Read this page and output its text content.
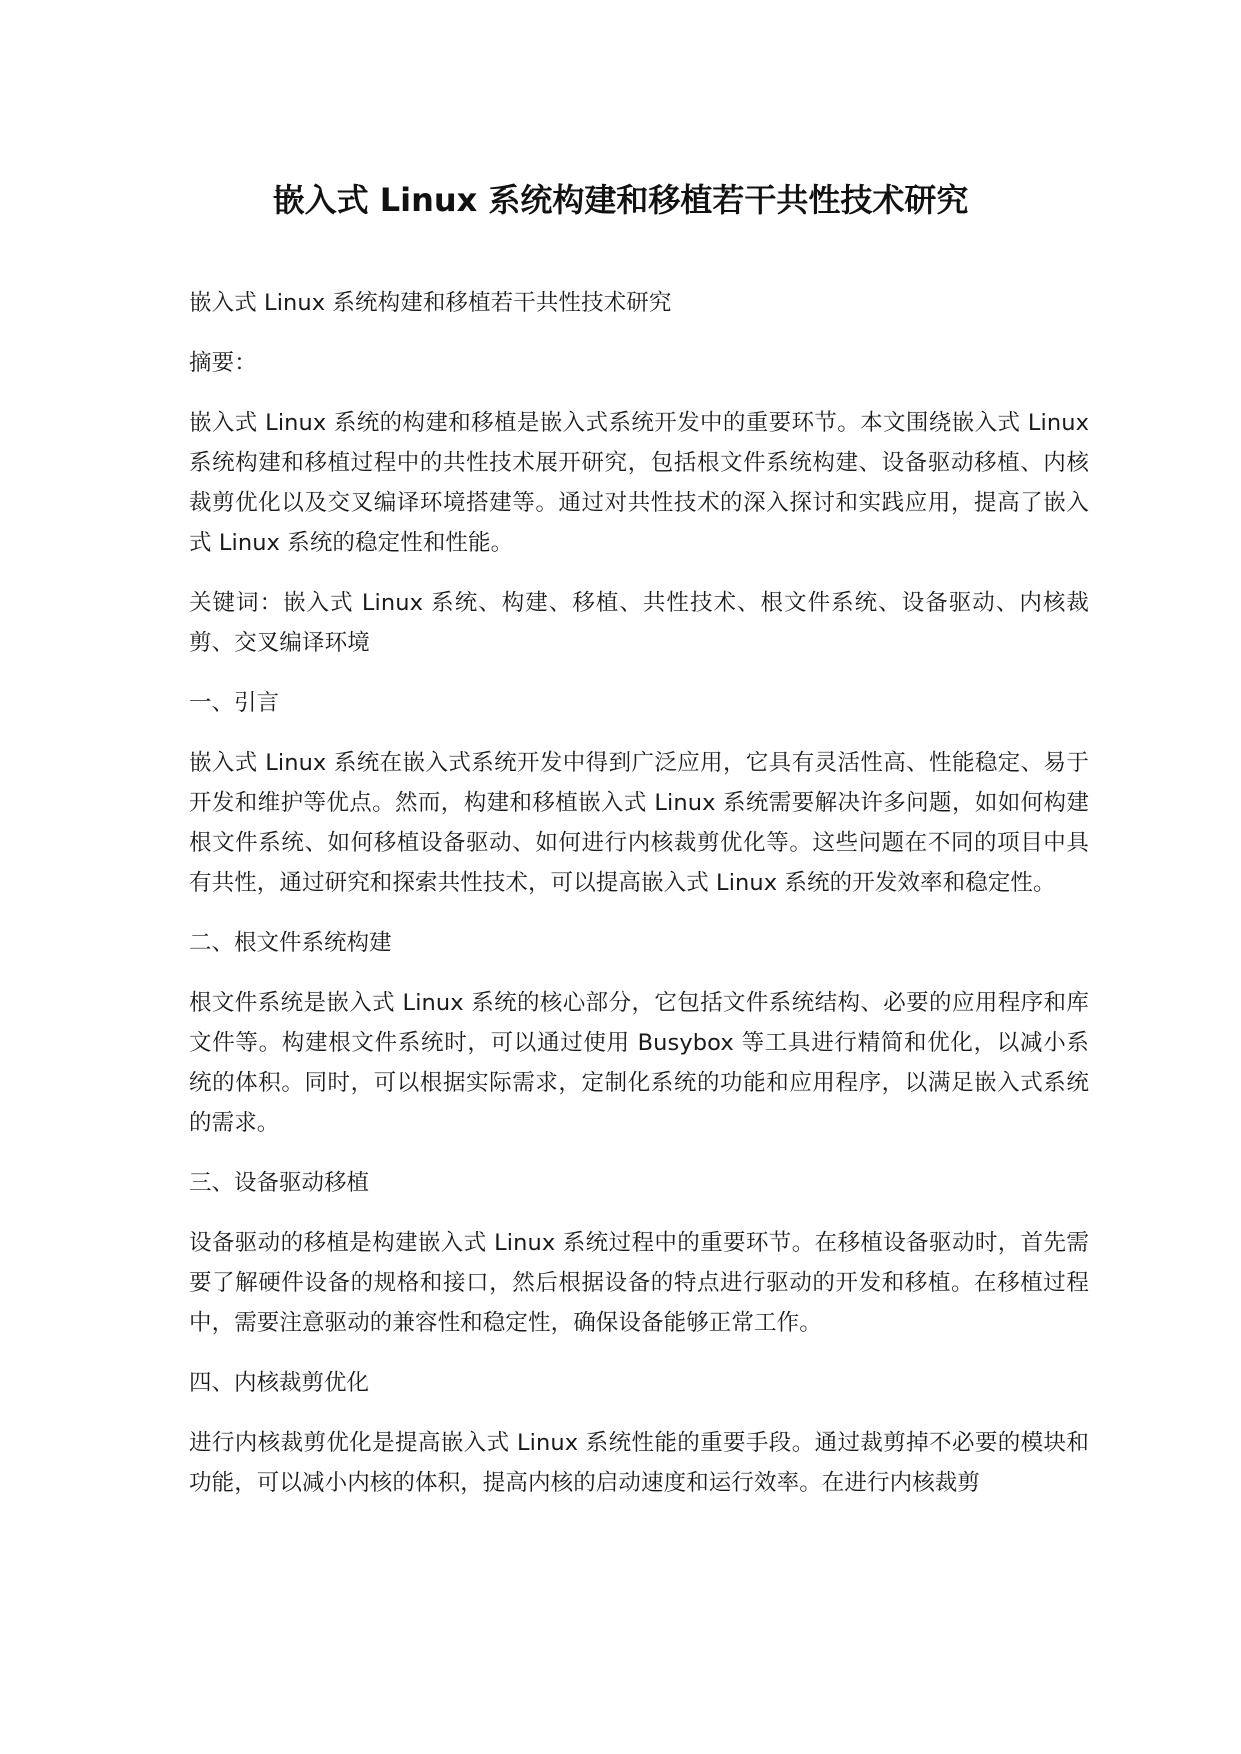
嵌入式 Linux 系统构建和移植若干共性技术研究

嵌入式 Linux 系统构建和移植若干共性技术研究

摘要：

嵌入式 Linux 系统的构建和移植是嵌入式系统开发中的重要环节。本文围绕嵌入式 Linux 系统构建和移植过程中的共性技术展开研究，包括根文件系统构建、设备驱动移植、内核裁剪优化以及交叉编译环境搭建等。通过对共性技术的深入探讨和实践应用，提高了嵌入式 Linux 系统的稳定性和性能。

关键词：嵌入式 Linux 系统、构建、移植、共性技术、根文件系统、设备驱动、内核裁剪、交叉编译环境

一、引言

嵌入式 Linux 系统在嵌入式系统开发中得到广泛应用，它具有灵活性高、性能稳定、易于开发和维护等优点。然而，构建和移植嵌入式 Linux 系统需要解决许多问题，如如何构建根文件系统、如何移植设备驱动、如何进行内核裁剪优化等。这些问题在不同的项目中具有共性，通过研究和探索共性技术，可以提高嵌入式 Linux 系统的开发效率和稳定性。

二、根文件系统构建

根文件系统是嵌入式 Linux 系统的核心部分，它包括文件系统结构、必要的应用程序和库文件等。构建根文件系统时，可以通过使用 Busybox 等工具进行精简和优化，以减小系统的体积。同时，可以根据实际需求，定制化系统的功能和应用程序，以满足嵌入式系统的需求。

三、设备驱动移植

设备驱动的移植是构建嵌入式 Linux 系统过程中的重要环节。在移植设备驱动时，首先需要了解硬件设备的规格和接口，然后根据设备的特点进行驱动的开发和移植。在移植过程中，需要注意驱动的兼容性和稳定性，确保设备能够正常工作。

四、内核裁剪优化

进行内核裁剪优化是提高嵌入式 Linux 系统性能的重要手段。通过裁剪掉不必要的模块和功能，可以减小内核的体积，提高内核的启动速度和运行效率。在进行内核裁剪
